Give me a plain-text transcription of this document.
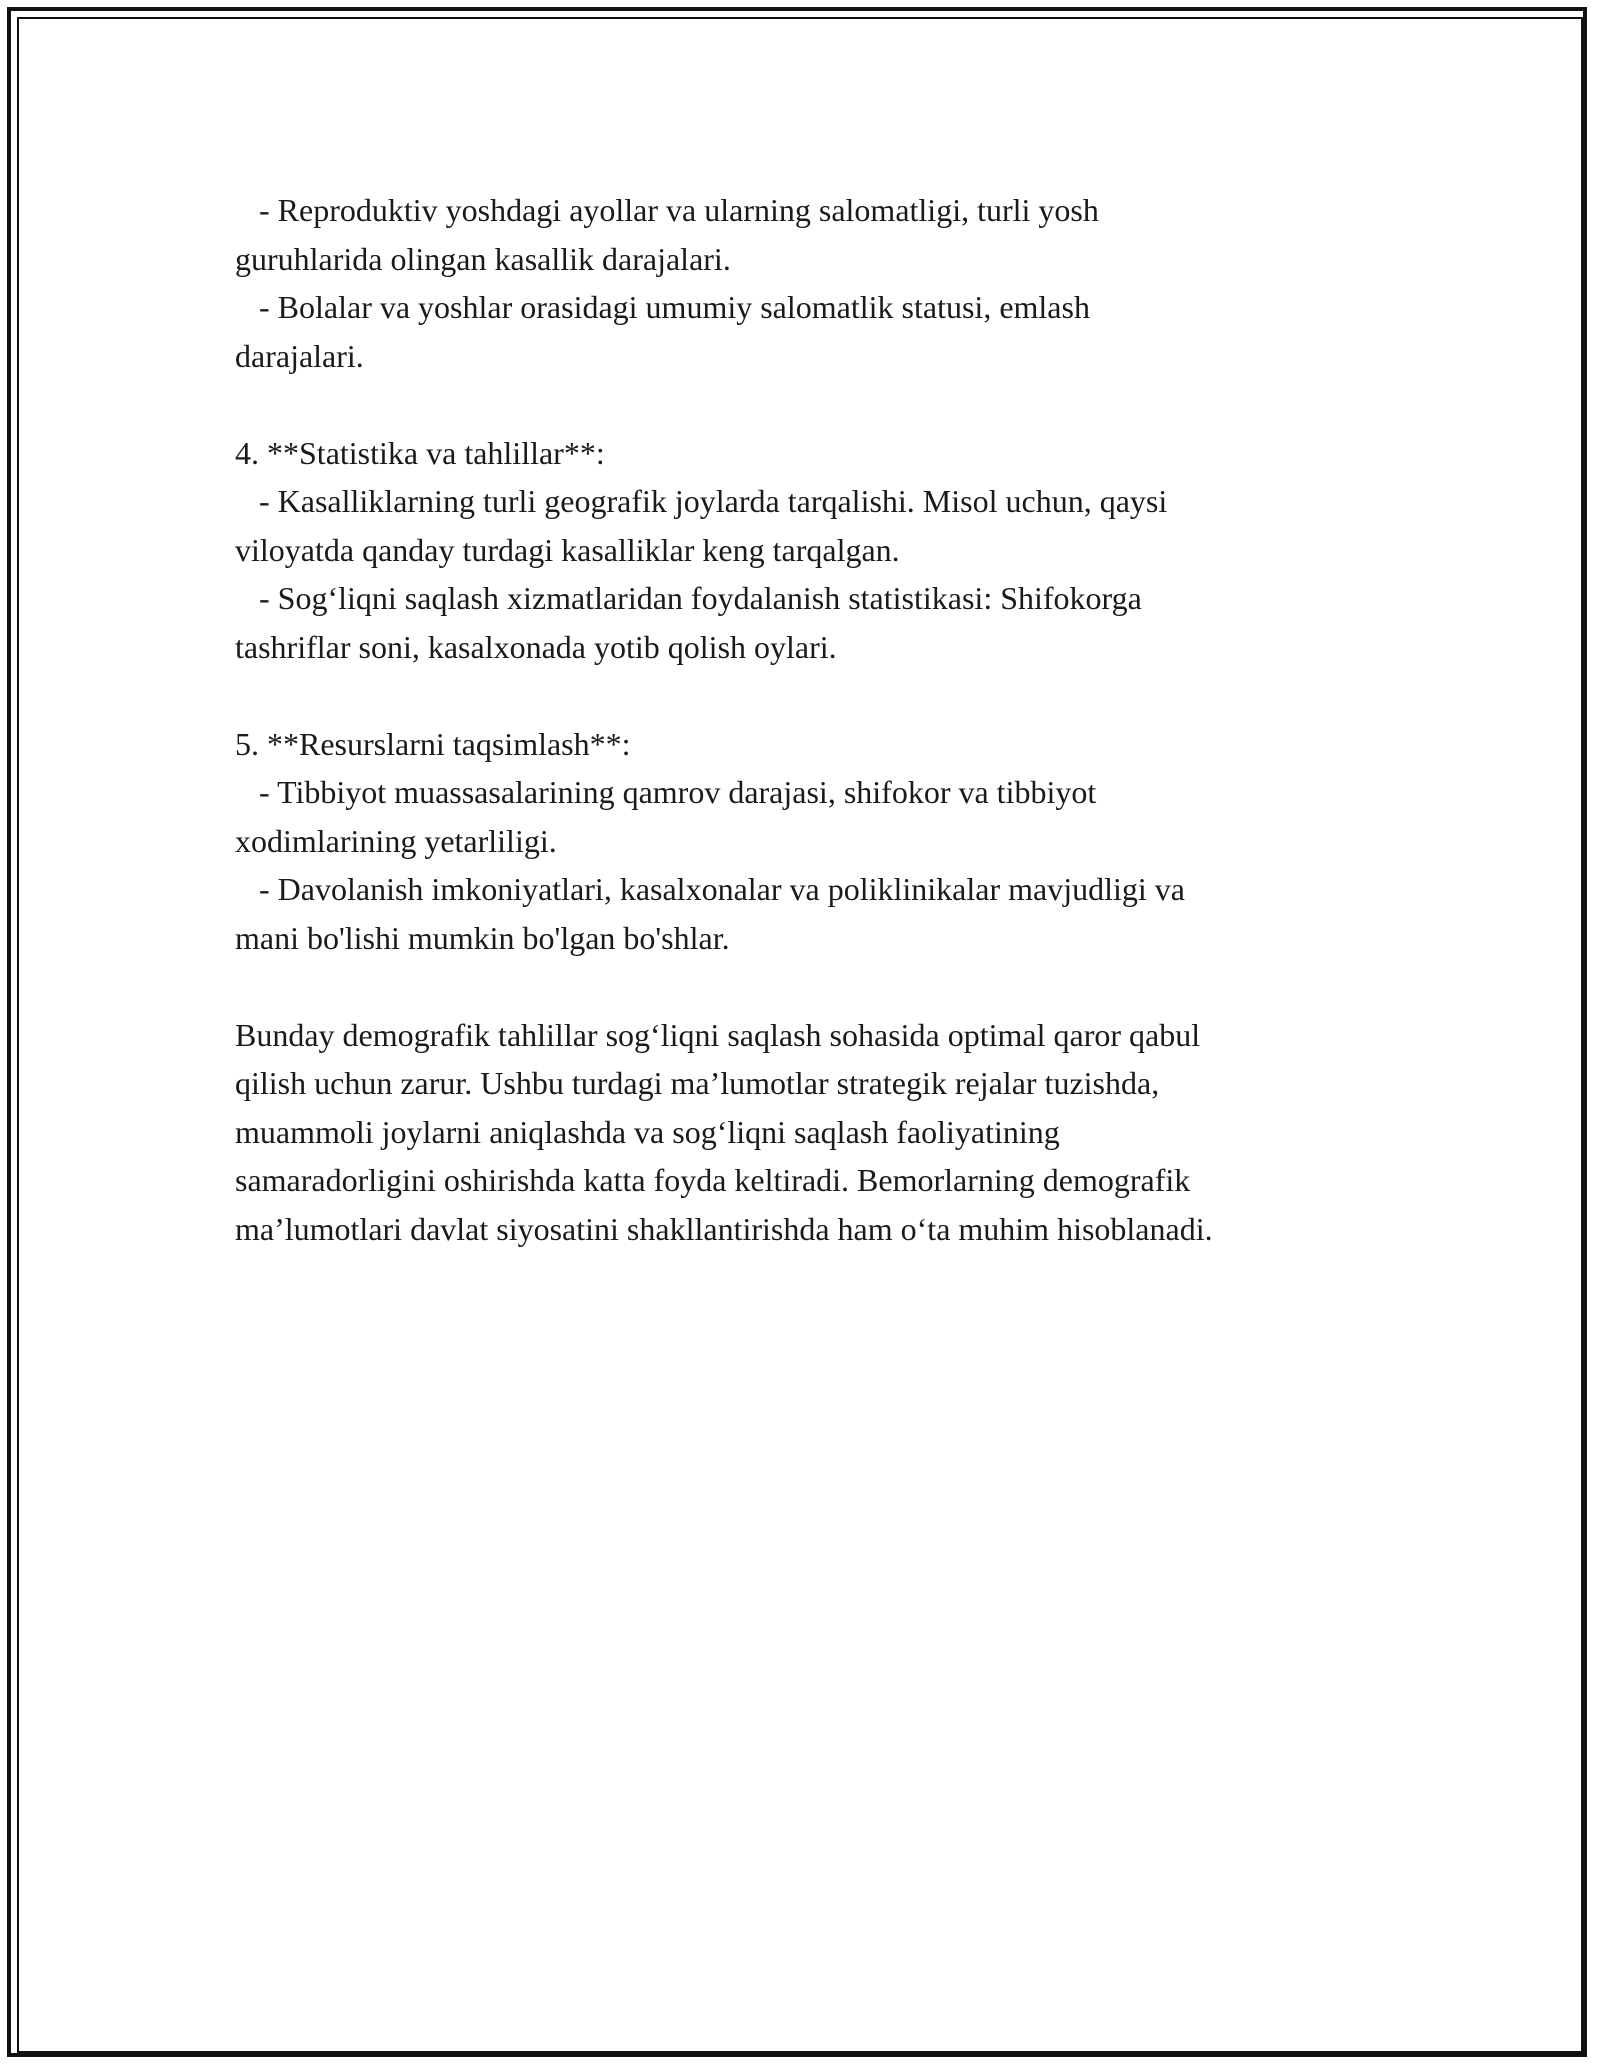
- Reproduktiv yoshdagi ayollar va ularning salomatligi, turli yosh
guruhlarida olingan kasallik darajalari.
- Bolalar va yoshlar orasidagi umumiy salomatlik statusi, emlash
darajalari.
4. **Statistika va tahlillar**:
- Kasalliklarning turli geografik joylarda tarqalishi. Misol uchun, qaysi
viloyatda qanday turdagi kasalliklar keng tarqalgan.
- Sog‘liqni saqlash xizmatlaridan foydalanish statistikasi: Shifokorga
tashriflar soni, kasalxonada yotib qolish oylari.
5. **Resurslarni taqsimlash**:
- Tibbiyot muassasalarining qamrov darajasi, shifokor va tibbiyot
xodimlarining yetarliligi.
- Davolanish imkoniyatlari, kasalxonalar va poliklinikalar mavjudligi va
mani bo'lishi mumkin bo'lgan bo'shlar.
Bunday demografik tahlillar sog‘liqni saqlash sohasida optimal qaror qabul
qilish uchun zarur. Ushbu turdagi ma’lumotlar strategik rejalar tuzishda,
muammoli joylarni aniqlashda va sog‘liqni saqlash faoliyatining
samaradorligini oshirishda katta foyda keltiradi. Bemorlarning demografik
ma’lumotlari davlat siyosatini shakllantirishda ham o‘ta muhim hisoblanadi.
